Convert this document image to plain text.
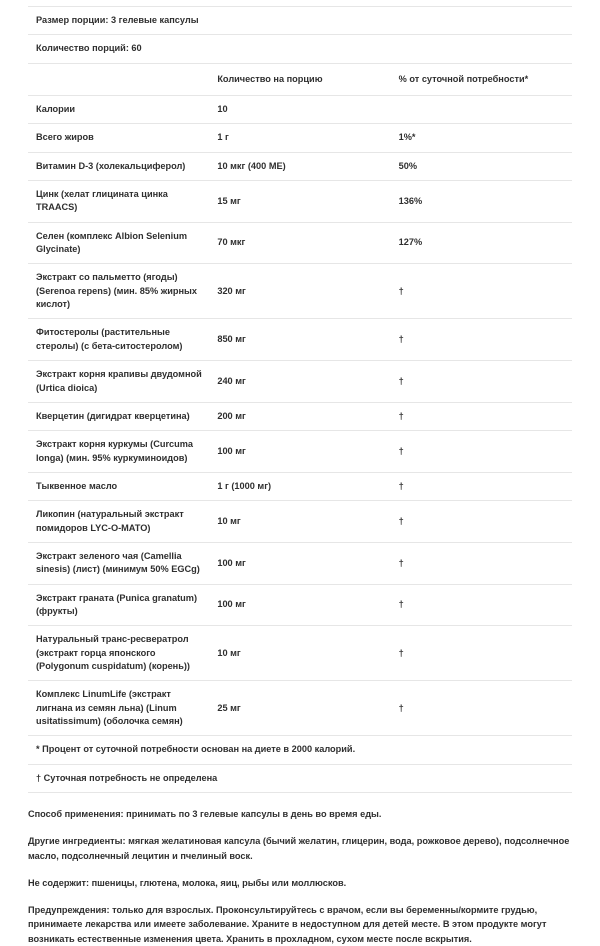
Размер порции: 3 гелевые капсулы		
Количество порций: 60		
	Количество на порцию	% от суточной потребности*
Калории	10	
Всего жиров	1 г	1%*
Витамин D-3 (холекальциферол)	10 мкг (400 МЕ)	50%
Цинк (хелат глицината цинка TRAACS)	15 мг	136%
Селен (комплекс Albion Selenium Glycinate)	70 мкг	127%
Экстракт со пальметто (ягоды) (Serenoa repens) (мин. 85% жирных кислот)	320 мг	†
Фитостеролы (растительные стеролы) (с бета-ситостеролом)	850 мг	†
Экстракт корня крапивы двудомной (Urtica dioica)	240 мг	†
Кверцетин (дигидрат кверцетина)	200 мг	†
Экстракт корня куркумы (Curcuma longa) (мин. 95% куркуминоидов)	100 мг	†
Тыквенное масло	1 г (1000 мг)	†
Ликопин (натуральный экстракт помидоров LYC-O-MATO)	10 мг	†
Экстракт зеленого чая (Camellia sinesis) (лист) (минимум 50% EGCg)	100 мг	†
Экстракт граната (Punica granatum) (фрукты)	100 мг	†
Натуральный транс-ресвератрол (экстракт горца японского (Polygonum cuspidatum) (корень))	10 мг	†
Комплекс LinumLife (экстракт лигнана из семян льна) (Linum usitatissimum) (оболочка семян)	25 мг	†
* Процент от суточной потребности основан на диете в 2000 калорий.		
† Суточная потребность не определена		

Способ применения: принимать по 3 гелевые капсулы в день во время еды.

Другие ингредиенты: мягкая желатиновая капсула (бычий желатин, глицерин, вода, рожковое дерево), подсолнечное масло, подсолнечный лецитин и пчелиный воск.

Не содержит: пшеницы, глютена, молока, яиц, рыбы или моллюсков.

Предупреждения: только для взрослых. Проконсультируйтесь с врачом, если вы беременны/кормите грудью, принимаете лекарства или имеете заболевание. Храните в недоступном для детей месте. В этом продукте могут возникать естественные изменения цвета. Хранить в прохладном, сухом месте после вскрытия.
